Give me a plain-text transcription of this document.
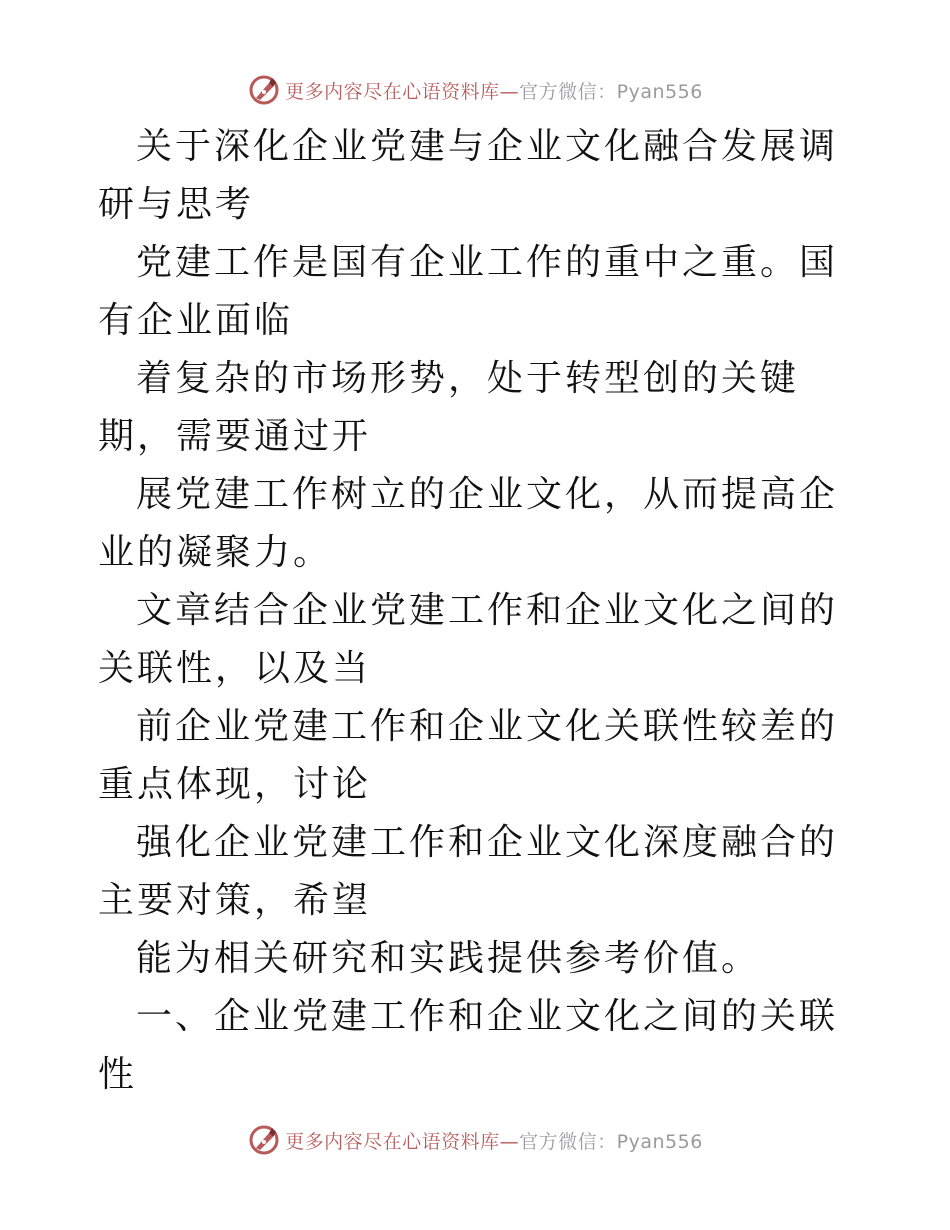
更多内容尽在心语资料库—官方微信：Pyan556

关于深化企业党建与企业文化融合发展调研与思考

党建工作是国有企业工作的重中之重。国有企业面临

着复杂的市场形势，处于转型创的关键期，需要通过开

展党建工作树立的企业文化，从而提高企业的凝聚力。

文章结合企业党建工作和企业文化之间的关联性，以及当

前企业党建工作和企业文化关联性较差的重点体现，讨论

强化企业党建工作和企业文化深度融合的主要对策，希望

能为相关研究和实践提供参考价值。

一、企业党建工作和企业文化之间的关联性

更多内容尽在心语资料库—官方微信：Pyan556
